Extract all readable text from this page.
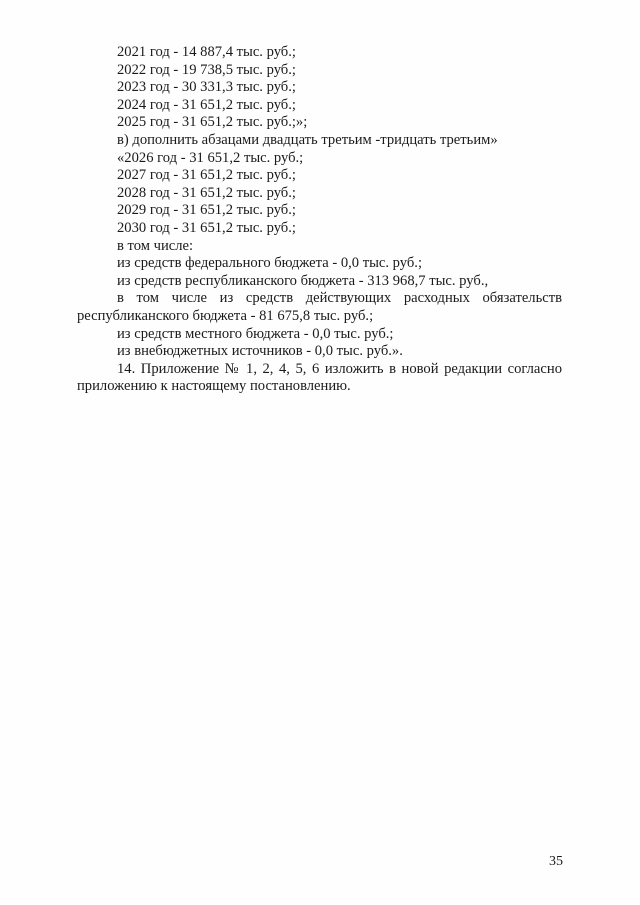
2021 год - 14 887,4 тыс. руб.;
2022 год - 19 738,5 тыс. руб.;
2023 год - 30 331,3 тыс. руб.;
2024 год - 31 651,2 тыс. руб.;
2025 год - 31 651,2 тыс. руб.;»;
в) дополнить абзацами двадцать третьим -тридцать третьим»
«2026 год - 31 651,2 тыс. руб.;
2027 год - 31 651,2 тыс. руб.;
2028 год - 31 651,2 тыс. руб.;
2029 год - 31 651,2 тыс. руб.;
2030 год - 31 651,2 тыс. руб.;
в том числе:
из средств федерального бюджета - 0,0 тыс. руб.;
из средств республиканского бюджета - 313 968,7 тыс. руб.,
в том числе из средств действующих расходных обязательств
республиканского бюджета - 81 675,8 тыс. руб.;
из средств местного бюджета - 0,0 тыс. руб.;
из внебюджетных источников - 0,0 тыс. руб.».
14. Приложение № 1, 2, 4, 5, 6 изложить в новой редакции согласно
приложению к настоящему постановлению.
35
